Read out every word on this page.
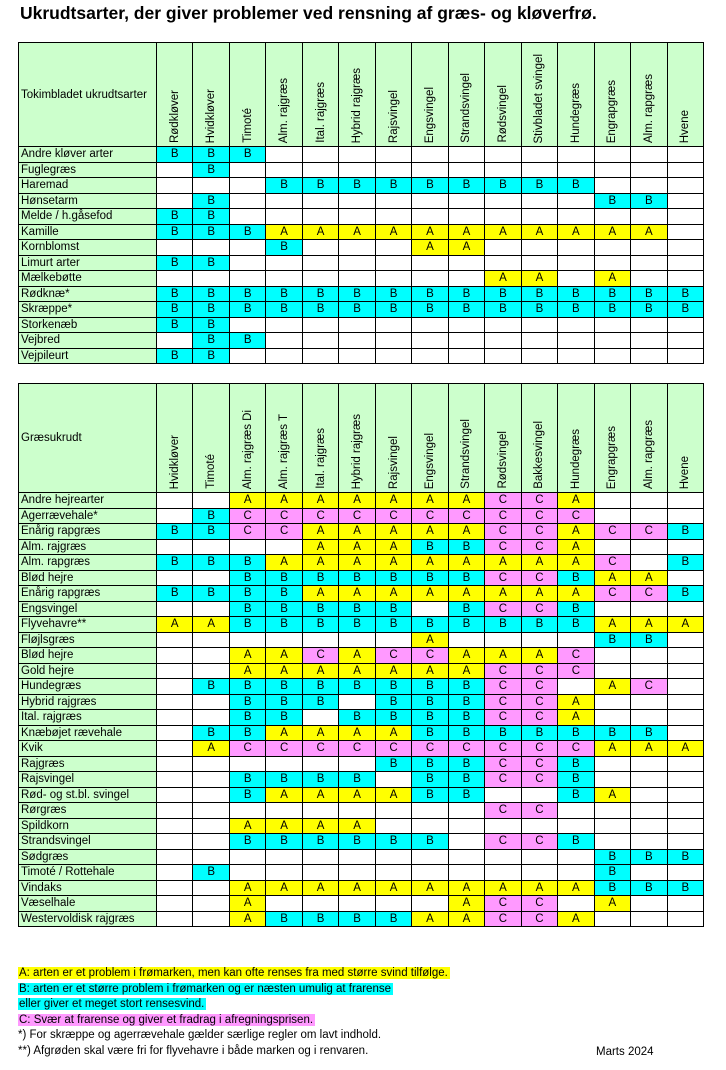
Ukrudtsarter, der giver problemer ved rensning af græs- og kløverfrø.
Tokimbladet ukrudtsarter	Rødkløver	Hvidkløver	Timoté	Alm. rajgræs	Ital. rajgræs	Hybrid rajgræs	Rajsvingel	Engsvingel	Strandsvingel	Rødsvingel	Stivbladet svingel	Hundegræs	Engrapgræs	Alm. rapgræs	Hvene

Andre kløver arter	B	B	B												
Fuglegræs		B													
Haremad				B	B	B	B	B	B	B	B	B			
Hønsetarm		B											B	B	
Melde / h.gåsefod	B	B													
Kamille	B	B	B	A	A	A	A	A	A	A	A	A	A	A	
Kornblomst				B				A	A						
Limurt arter	B	B													
Mælkebøtte										A	A		A		
Rødknæ*	B	B	B	B	B	B	B	B	B	B	B	B	B	B	B
Skræppe*	B	B	B	B	B	B	B	B	B	B	B	B	B	B	B
Storkenæb	B	B													
Vejbred		B	B												
Vejpileurt	B	B													
Græsukrudt	Hvidkløver	Timoté	Alm. rajgræs Di	Alm. rajgræs T	Ital. rajgræs	Hybrid rajgræs	Rajsvingel	Engsvingel	Strandsvingel	Rødsvingel	Bakkesvingel	Hundegræs	Engrapgræs	Alm. rapgræs	Hvene

Andre hejrearter			A	A	A	A	A	A	A	C	C	A			
Agerrævehale*		B	C	C	C	C	C	C	C	C	C	C			
Enårig rapgræs	B	B	C	C	A	A	A	A	A	C	C	A	C	C	B
Alm. rajgræs					A	A	A	B	B	C	C	A			
Alm. rapgræs	B	B	B	A	A	A	A	A	A	A	A	A	C		B
Blød hejre			B	B	B	B	B	B	B	C	C	B	A	A	
Enårig rapgræs	B	B	B	B	A	A	A	A	A	A	A	A	C	C	B
Engsvingel			B	B	B	B	B		B	C	C	B			
Flyvehavre**	A	A	B	B	B	B	B	B	B	B	B	B	A	A	A
Fløjlsgræs								A					B	B	
Blød hejre			A	A	C	A	C	C	A	A	A	C			
Gold hejre			A	A	A	A	A	A	A	C	C	C			
Hundegræs		B	B	B	B	B	B	B	B	C	C		A	C	
Hybrid rajgræs			B	B	B		B	B	B	C	C	A			
Ital. rajgræs			B	B		B	B	B	B	C	C	A			
Knæbøjet rævehale		B	B	A	A	A	A	B	B	B	B	B	B	B	
Kvik		A	C	C	C	C	C	C	C	C	C	C	A	A	A
Rajgræs							B	B	B	C	C	B			
Rajsvingel			B	B	B	B		B	B	C	C	B			
Rød- og st.bl. svingel			B	A	A	A	A	B	B			B	A		
Rørgræs										C	C				
Spildkorn			A	A	A	A									
Strandsvingel			B	B	B	B	B	B		C	C	B			
Sødgræs													B	B	B
Timoté / Rottehale		B											B		
Vindaks			A	A	A	A	A	A	A	A	A	A	B	B	B
Væselhale			A						A	C	C		A		
Westervoldisk rajgræs			A	B	B	B	B	A	A	C	C	A			
A: arten er et problem i frømarken, men kan ofte renses fra med større svind tilfølge.
B: arten er et større problem i frømarken og er næsten umulig at frarense
eller giver et meget stort rensesvind.
C: Svær at frarense og giver et fradrag i afregningsprisen.
*) For skræppe og agerrævehale gælder særlige regler om lavt indhold.
**) Afgrøden skal være fri for flyvehavre i både marken og i renvaren.	Marts 2024
